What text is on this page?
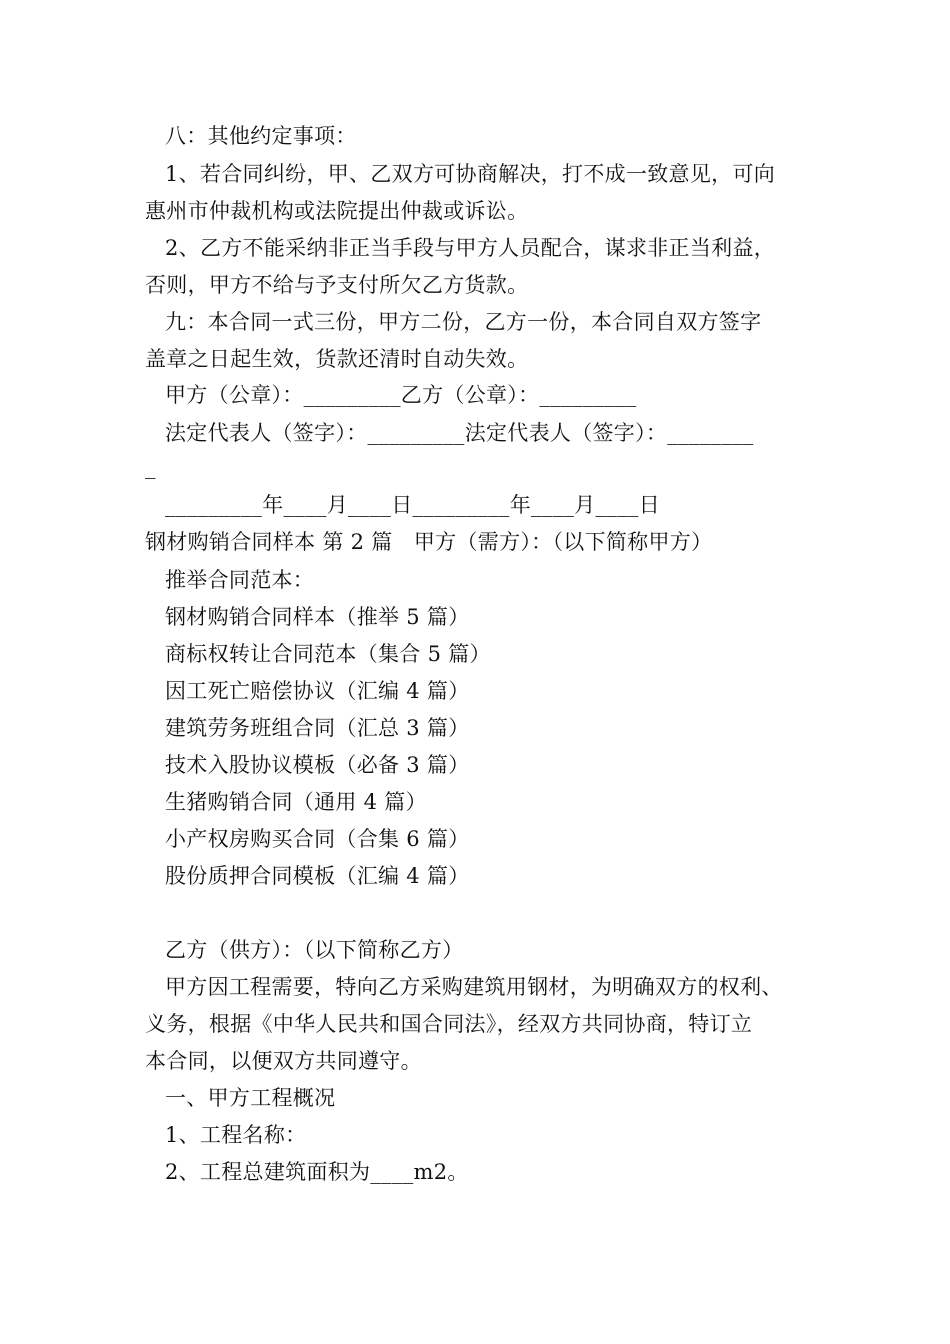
八：其他约定事项：
1、若合同纠纷，甲、乙双方可协商解决，打不成一致意见，可向
惠州市仲裁机构或法院提出仲裁或诉讼。
2、乙方不能采纳非正当手段与甲方人员配合，谋求非正当利益，
否则，甲方不给与予支付所欠乙方货款。
九：本合同一式三份，甲方二份，乙方一份，本合同自双方签字
盖章之日起生效，货款还清时自动失效。
甲方（公章）：_________乙方（公章）：_________
法定代表人（签字）：_________法定代表人（签字）：________
_
_________年____月____日_________年____月____日
钢材购销合同样本 第 2 篇　甲方（需方）：（以下简称甲方）
推举合同范本：
钢材购销合同样本（推举 5 篇）
商标权转让合同范本（集合 5 篇）
因工死亡赔偿协议（汇编 4 篇）
建筑劳务班组合同（汇总 3 篇）
技术入股协议模板（必备 3 篇）
生猪购销合同（通用 4 篇）
小产权房购买合同（合集 6 篇）
股份质押合同模板（汇编 4 篇）
乙方（供方）：（以下简称乙方）
甲方因工程需要，特向乙方采购建筑用钢材，为明确双方的权利、
义务，根据《中华人民共和国合同法》，经双方共同协商，特订立
本合同，以便双方共同遵守。
一、甲方工程概况
1、工程名称：
2、工程总建筑面积为____m2。
